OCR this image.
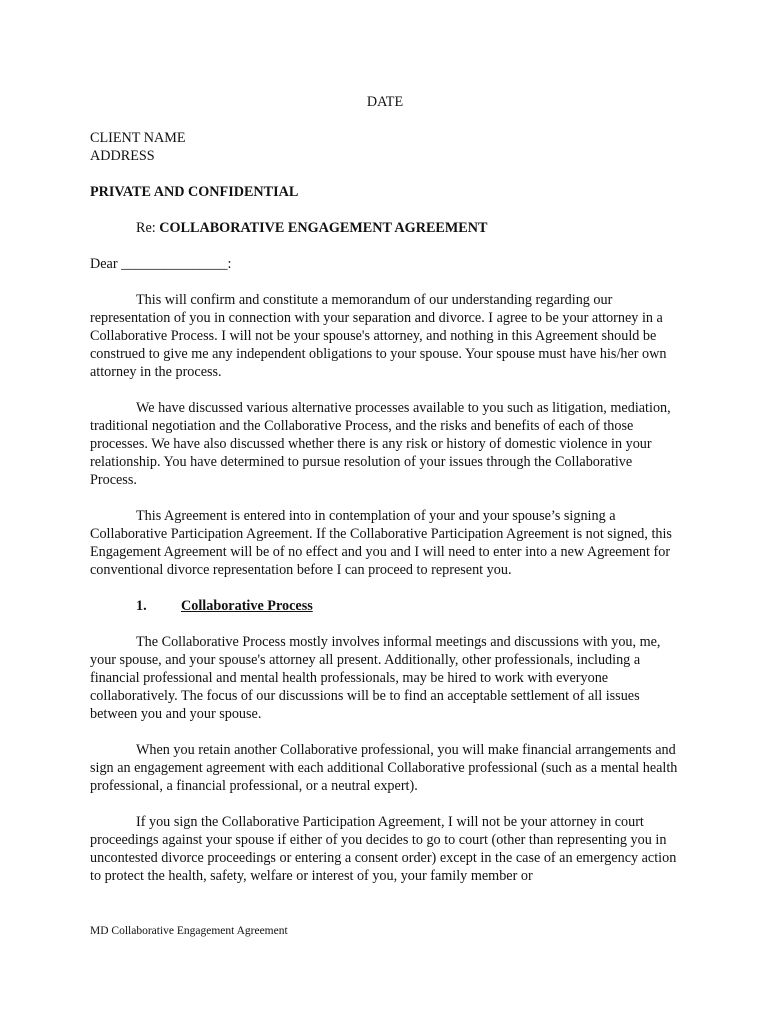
DATE

CLIENT NAME

ADDRESS

PRIVATE AND CONFIDENTIAL

Re: COLLABORATIVE ENGAGEMENT AGREEMENT

Dear _______________:

This will confirm and constitute a memorandum of our understanding regarding our representation of you in connection with your separation and divorce. I agree to be your attorney in a Collaborative Process. I will not be your spouse's attorney, and nothing in this Agreement should be construed to give me any independent obligations to your spouse. Your spouse must have his/her own attorney in the process.

We have discussed various alternative processes available to you such as litigation, mediation, traditional negotiation and the Collaborative Process, and the risks and benefits of each of those processes. We have also discussed whether there is any risk or history of domestic violence in your relationship. You have determined to pursue resolution of your issues through the Collaborative Process.

This Agreement is entered into in contemplation of your and your spouse’s signing a Collaborative Participation Agreement. If the Collaborative Participation Agreement is not signed, this Engagement Agreement will be of no effect and you and I will need to enter into a new Agreement for conventional divorce representation before I can proceed to represent you.

1. Collaborative Process

The Collaborative Process mostly involves informal meetings and discussions with you, me, your spouse, and your spouse's attorney all present. Additionally, other professionals, including a financial professional and mental health professionals, may be hired to work with everyone collaboratively. The focus of our discussions will be to find an acceptable settlement of all issues between you and your spouse.

When you retain another Collaborative professional, you will make financial arrangements and sign an engagement agreement with each additional Collaborative professional (such as a mental health professional, a financial professional, or a neutral expert).

If you sign the Collaborative Participation Agreement, I will not be your attorney in court proceedings against your spouse if either of you decides to go to court (other than representing you in uncontested divorce proceedings or entering a consent order) except in the case of an emergency action to protect the health, safety, welfare or interest of you, your family member or

MD Collaborative Engagement Agreement
